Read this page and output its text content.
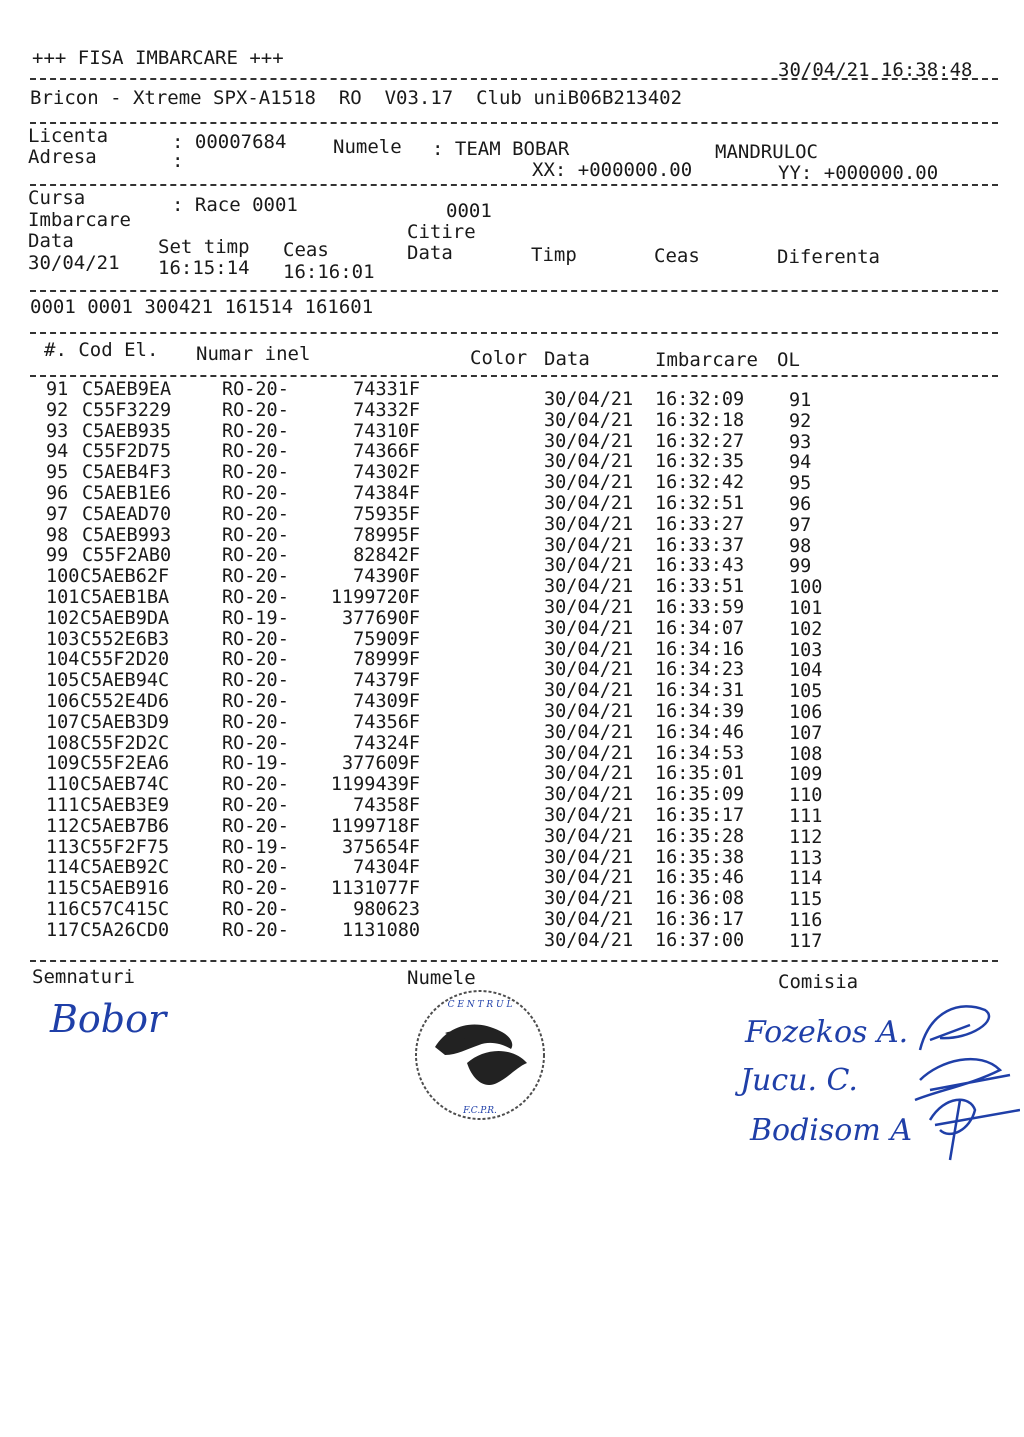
+++ FISA IMBARCARE +++
30/04/21 16:38:48
Bricon - Xtreme SPX-A1518  RO  V03.17  Club uniB06B213402
Licenta	: 00007684 Numele : TEAM BOBAR	MANDRULOC
Adresa	:	XX: +000000.00	YY: +000000.00
Cursa	: Race 0001	0001
Imbarcare
Citire
Data	Set timp Ceas	Data	Timp	Ceas	Diferenta
30/04/21 16:15:14 16:16:01
0001 0001 300421 161514 161601
#. Cod El. Numar inel	Color Data	Imbarcare OL
91 C5AEB9EA	RO-20-	74331F	30/04/21 16:32:09 91
92 C55F3229	RO-20-	74332F	30/04/21 16:32:18 92
93 C5AEB935	RO-20-	74310F	30/04/21 16:32:27 93
94 C55F2D75	RO-20-	74366F	30/04/21 16:32:35 94
95 C5AEB4F3	RO-20-	74302F	30/04/21 16:32:42 95
96 C5AEB1E6	RO-20-	74384F	30/04/21 16:32:51 96
97 C5AEAD70	RO-20-	75935F	30/04/21 16:33:27 97
98 C5AEB993	RO-20-	78995F	30/04/21 16:33:37 98
99 C55F2AB0	RO-20-	82842F	30/04/21 16:33:43 99
100 C5AEB62F	RO-20-	74390F	30/04/21 16:33:51 100
101 C5AEB1BA	RO-20- 1199720F	30/04/21 16:33:59 101
102 C5AEB9DA	RO-19-	377690F	30/04/21 16:34:07 102
103 C552E6B3	RO-20-	75909F	30/04/21 16:34:16 103
104 C55F2D20	RO-20-	78999F	30/04/21 16:34:23 104
105 C5AEB94C	RO-20-	74379F	30/04/21 16:34:31 105
106 C552E4D6	RO-20-	74309F	30/04/21 16:34:39 106
107 C5AEB3D9	RO-20-	74356F	30/04/21 16:34:46 107
108 C55F2D2C	RO-20-	74324F	30/04/21 16:34:53 108
109 C55F2EA6	RO-19-	377609F	30/04/21 16:35:01 109
110 C5AEB74C	RO-20- 1199439F	30/04/21 16:35:09 110
111 C5AEB3E9	RO-20-	74358F	30/04/21 16:35:17 111
112 C5AEB7B6	RO-20- 1199718F	30/04/21 16:35:28 112
113 C55F2F75	RO-19-	375654F	30/04/21 16:35:38 113
114 C5AEB92C	RO-20-	74304F	30/04/21 16:35:46 114
115 C5AEB916	RO-20- 1131077F	30/04/21 16:36:08 115
116 C57C415C	RO-20-	980623	30/04/21 16:36:17 116
117 C5A26CD0	RO-20-	1131080	30/04/21 16:37:00 117
Semnaturi	Numele	Comisia
Bobor	C E N T R U L
F.C.P.R.
Fozekos A.
Jucu. C.
Bodisom A
